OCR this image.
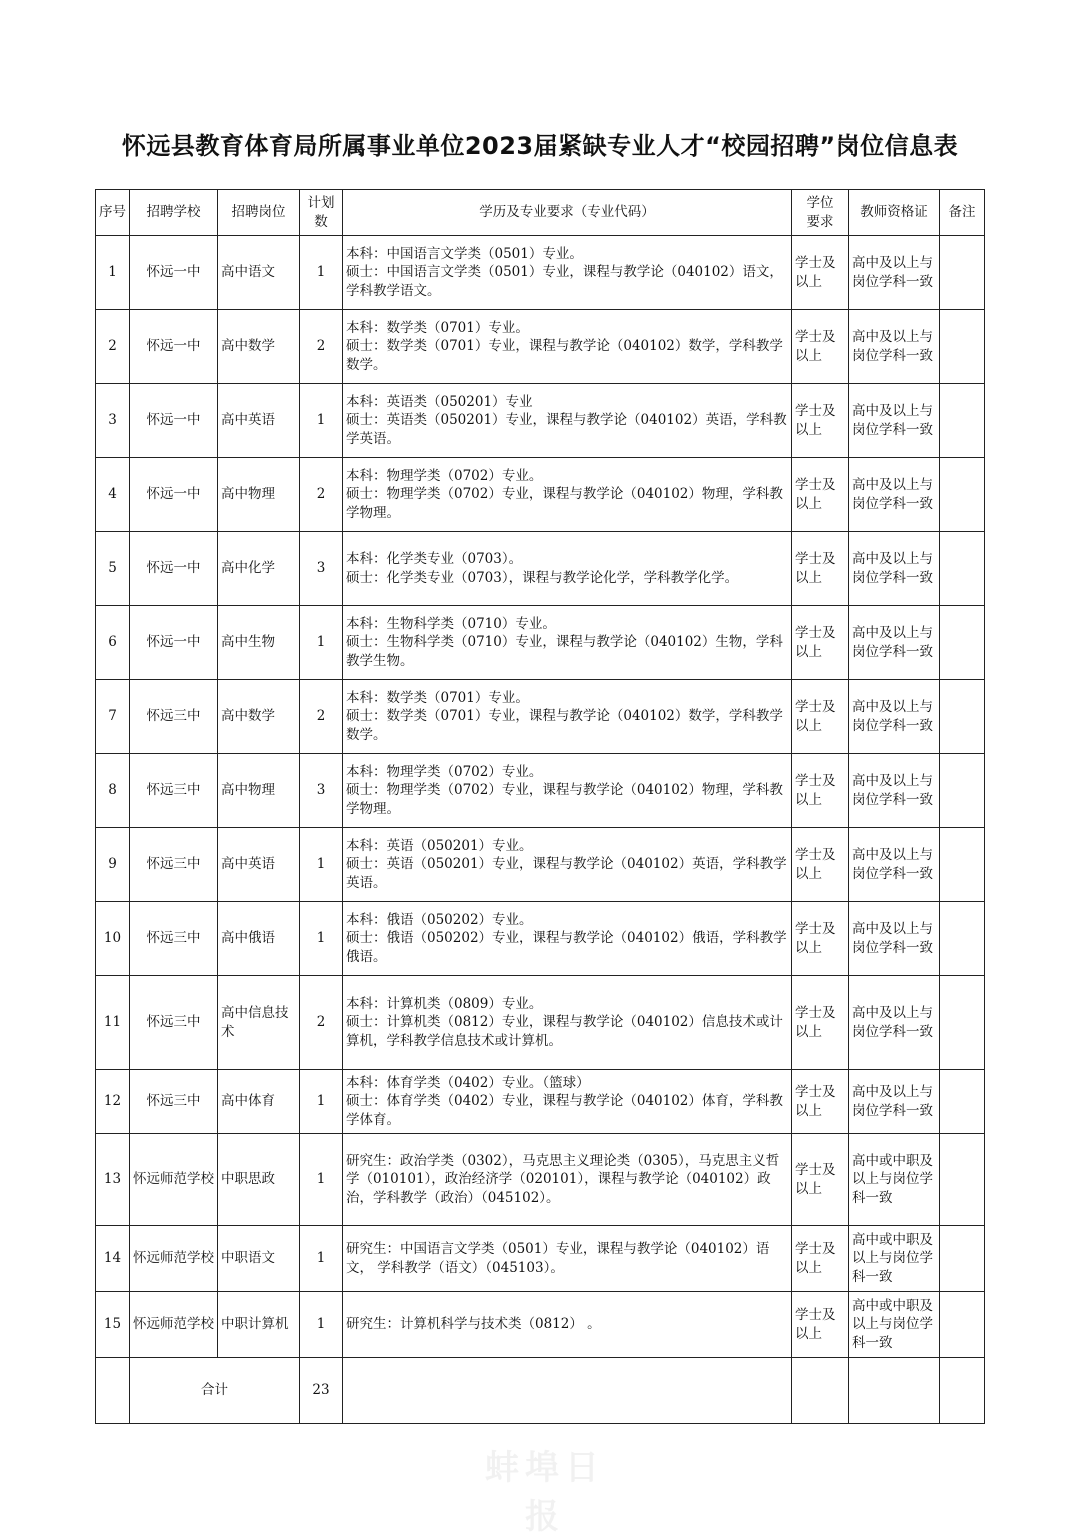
怀远县教育体育局所属事业单位2023届紧缺专业人才“校园招聘”岗位信息表
序号	招聘学校	招聘岗位	计划数	学历及专业要求（专业代码）	学位要求	教师资格证	备注
1	怀远一中	高中语文	1	本科：中国语言文学类（0501）专业。
硕士：中国语言文学类（0501）专业，课程与教学论（040102）语文，学科教学语文。	学士及以上	高中及以上与岗位学科一致	
2	怀远一中	高中数学	2	本科：数学类（0701）专业。
硕士：数学类（0701）专业，课程与教学论（040102）数学，学科教学数学。	学士及以上	高中及以上与岗位学科一致	
3	怀远一中	高中英语	1	本科：英语类（050201）专业
硕士：英语类（050201）专业，课程与教学论（040102）英语，学科教学英语。	学士及以上	高中及以上与岗位学科一致	
4	怀远一中	高中物理	2	本科：物理学类（0702）专业。
硕士：物理学类（0702）专业，课程与教学论（040102）物理，学科教学物理。	学士及以上	高中及以上与岗位学科一致	
5	怀远一中	高中化学	3	本科：化学类专业（0703）。
硕士：化学类专业（0703），课程与教学论化学，学科教学化学。	学士及以上	高中及以上与岗位学科一致	
6	怀远一中	高中生物	1	本科：生物科学类（0710）专业。
硕士：生物科学类（0710）专业，课程与教学论（040102）生物，学科教学生物。	学士及以上	高中及以上与岗位学科一致	
7	怀远三中	高中数学	2	本科：数学类（0701）专业。
硕士：数学类（0701）专业，课程与教学论（040102）数学，学科教学数学。	学士及以上	高中及以上与岗位学科一致	
8	怀远三中	高中物理	3	本科：物理学类（0702）专业。
硕士：物理学类（0702）专业，课程与教学论（040102）物理，学科教学物理。	学士及以上	高中及以上与岗位学科一致	
9	怀远三中	高中英语	1	本科：英语（050201）专业。
硕士：英语（050201）专业，课程与教学论（040102）英语，学科教学英语。	学士及以上	高中及以上与岗位学科一致	
10	怀远三中	高中俄语	1	本科：俄语（050202）专业。
硕士：俄语（050202）专业，课程与教学论（040102）俄语，学科教学俄语。	学士及以上	高中及以上与岗位学科一致	
11	怀远三中	高中信息技术	2	本科：计算机类（0809）专业。
硕士：计算机类（0812）专业，课程与教学论（040102）信息技术或计算机，学科教学信息技术或计算机。	学士及以上	高中及以上与岗位学科一致	
12	怀远三中	高中体育	1	本科：体育学类（0402）专业。（篮球）
硕士：体育学类（0402）专业，课程与教学论（040102）体育，学科教学体育。	学士及以上	高中及以上与岗位学科一致	
13	怀远师范学校	中职思政	1	研究生：政治学类（0302），马克思主义理论类（0305），马克思主义哲学（010101），政治经济学（020101），课程与教学论（040102）政治，学科教学（政治）（045102）。	学士及以上	高中或中职及以上与岗位学科一致	
14	怀远师范学校	中职语文	1	研究生：中国语言文学类（0501）专业，课程与教学论（040102）语文， 学科教学（语文）（045103）。	学士及以上	高中或中职及以上与岗位学科一致	
15	怀远师范学校	中职计算机	1	研究生：计算机科学与技术类（0812） 。	学士及以上	高中或中职及以上与岗位学科一致	
	合计		23				
蚌埠日报
